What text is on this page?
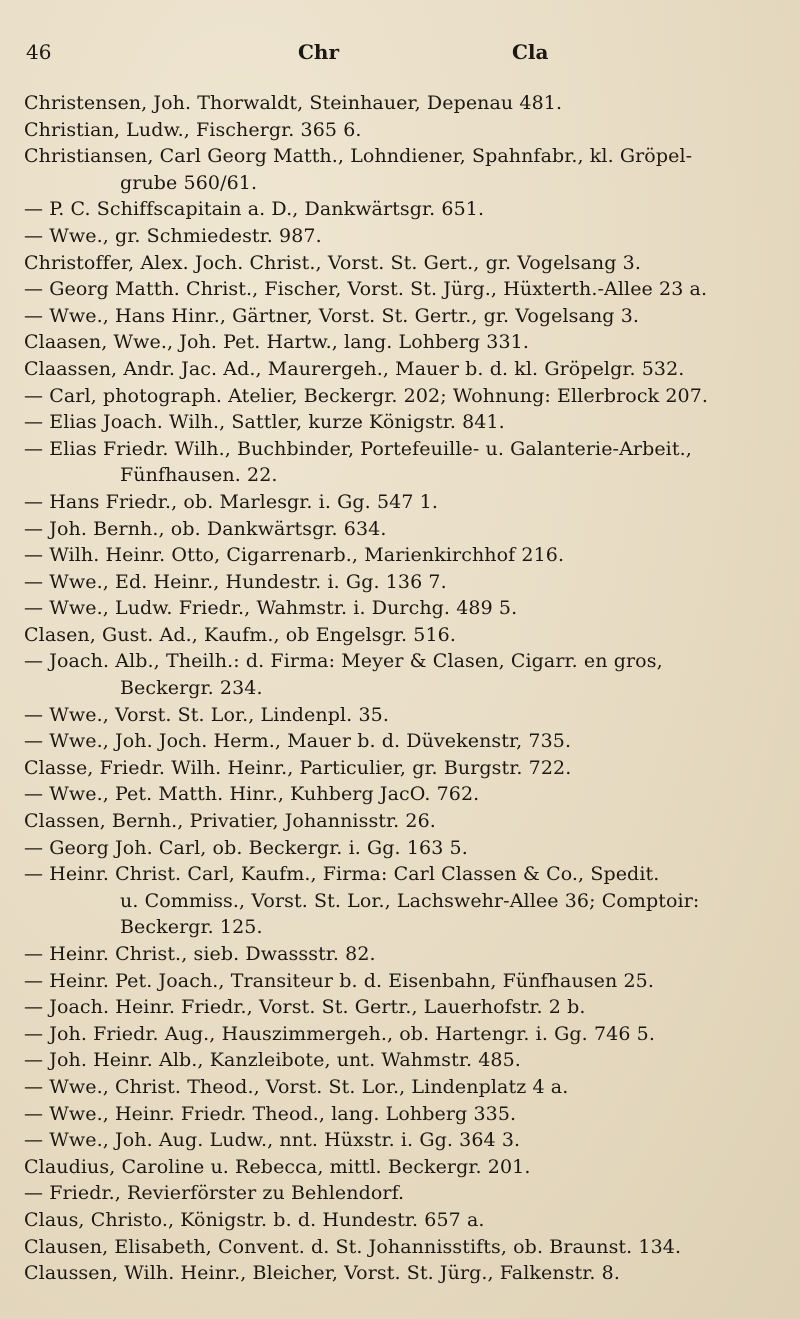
46	Chr	Cla
Christensen, Joh. Thorwaldt, Steinhauer, Depenau 481.
Christian, Ludw., Fischergr. 365 6.
Christiansen, Carl Georg Matth., Lohndiener, Spahnfabr., kl. Gröpel-
grube 560/61.
— P. C. Schiffscapitain a. D., Dankwärtsgr. 651.
— Wwe., gr. Schmiedestr. 987.
Christoffer, Alex. Joch. Christ., Vorst. St. Gert., gr. Vogelsang 3.
— Georg Matth. Christ., Fischer, Vorst. St. Jürg., Hüxterth.-Allee 23 a.
— Wwe., Hans Hinr., Gärtner, Vorst. St. Gertr., gr. Vogelsang 3.
Claasen, Wwe., Joh. Pet. Hartw., lang. Lohberg 331.
Claassen, Andr. Jac. Ad., Maurergeh., Mauer b. d. kl. Gröpelgr. 532.
— Carl, photograph. Atelier, Beckergr. 202; Wohnung: Ellerbrock 207.
— Elias Joach. Wilh., Sattler, kurze Königstr. 841.
— Elias Friedr. Wilh., Buchbinder, Portefeuille- u. Galanterie-Arbeit.,
Fünfhausen. 22.
— Hans Friedr., ob. Marlesgr. i. Gg. 547 1.
— Joh. Bernh., ob. Dankwärtsgr. 634.
— Wilh. Heinr. Otto, Cigarrenarb., Marienkirchhof 216.
— Wwe., Ed. Heinr., Hundestr. i. Gg. 136 7.
— Wwe., Ludw. Friedr., Wahmstr. i. Durchg. 489 5.
Clasen, Gust. Ad., Kaufm., ob Engelsgr. 516.
— Joach. Alb., Theilh.: d. Firma: Meyer & Clasen, Cigarr. en gros,
Beckergr. 234.
— Wwe., Vorst. St. Lor., Lindenpl. 35.
— Wwe., Joh. Joch. Herm., Mauer b. d. Düvekenstr, 735.
Classe, Friedr. Wilh. Heinr., Particulier, gr. Burgstr. 722.
— Wwe., Pet. Matth. Hinr., Kuhberg JacO. 762.
Classen, Bernh., Privatier, Johannisstr. 26.
— Georg Joh. Carl, ob. Beckergr. i. Gg. 163 5.
— Heinr. Christ. Carl, Kaufm., Firma: Carl Classen & Co., Spedit.
u. Commiss., Vorst. St. Lor., Lachswehr-Allee 36; Comptoir:
Beckergr. 125.
— Heinr. Christ., sieb. Dwassstr. 82.
— Heinr. Pet. Joach., Transiteur b. d. Eisenbahn, Fünfhausen 25.
— Joach. Heinr. Friedr., Vorst. St. Gertr., Lauerhofstr. 2 b.
— Joh. Friedr. Aug., Hauszimmergeh., ob. Hartengr. i. Gg. 746 5.
— Joh. Heinr. Alb., Kanzleibote, unt. Wahmstr. 485.
— Wwe., Christ. Theod., Vorst. St. Lor., Lindenplatz 4 a.
— Wwe., Heinr. Friedr. Theod., lang. Lohberg 335.
— Wwe., Joh. Aug. Ludw., nnt. Hüxstr. i. Gg. 364 3.
Claudius, Caroline u. Rebecca, mittl. Beckergr. 201.
— Friedr., Revierförster zu Behlendorf.
Claus, Christo., Königstr. b. d. Hundestr. 657 a.
Clausen, Elisabeth, Convent. d. St. Johannisstifts, ob. Braunst. 134.
Claussen, Wilh. Heinr., Bleicher, Vorst. St. Jürg., Falkenstr. 8.
